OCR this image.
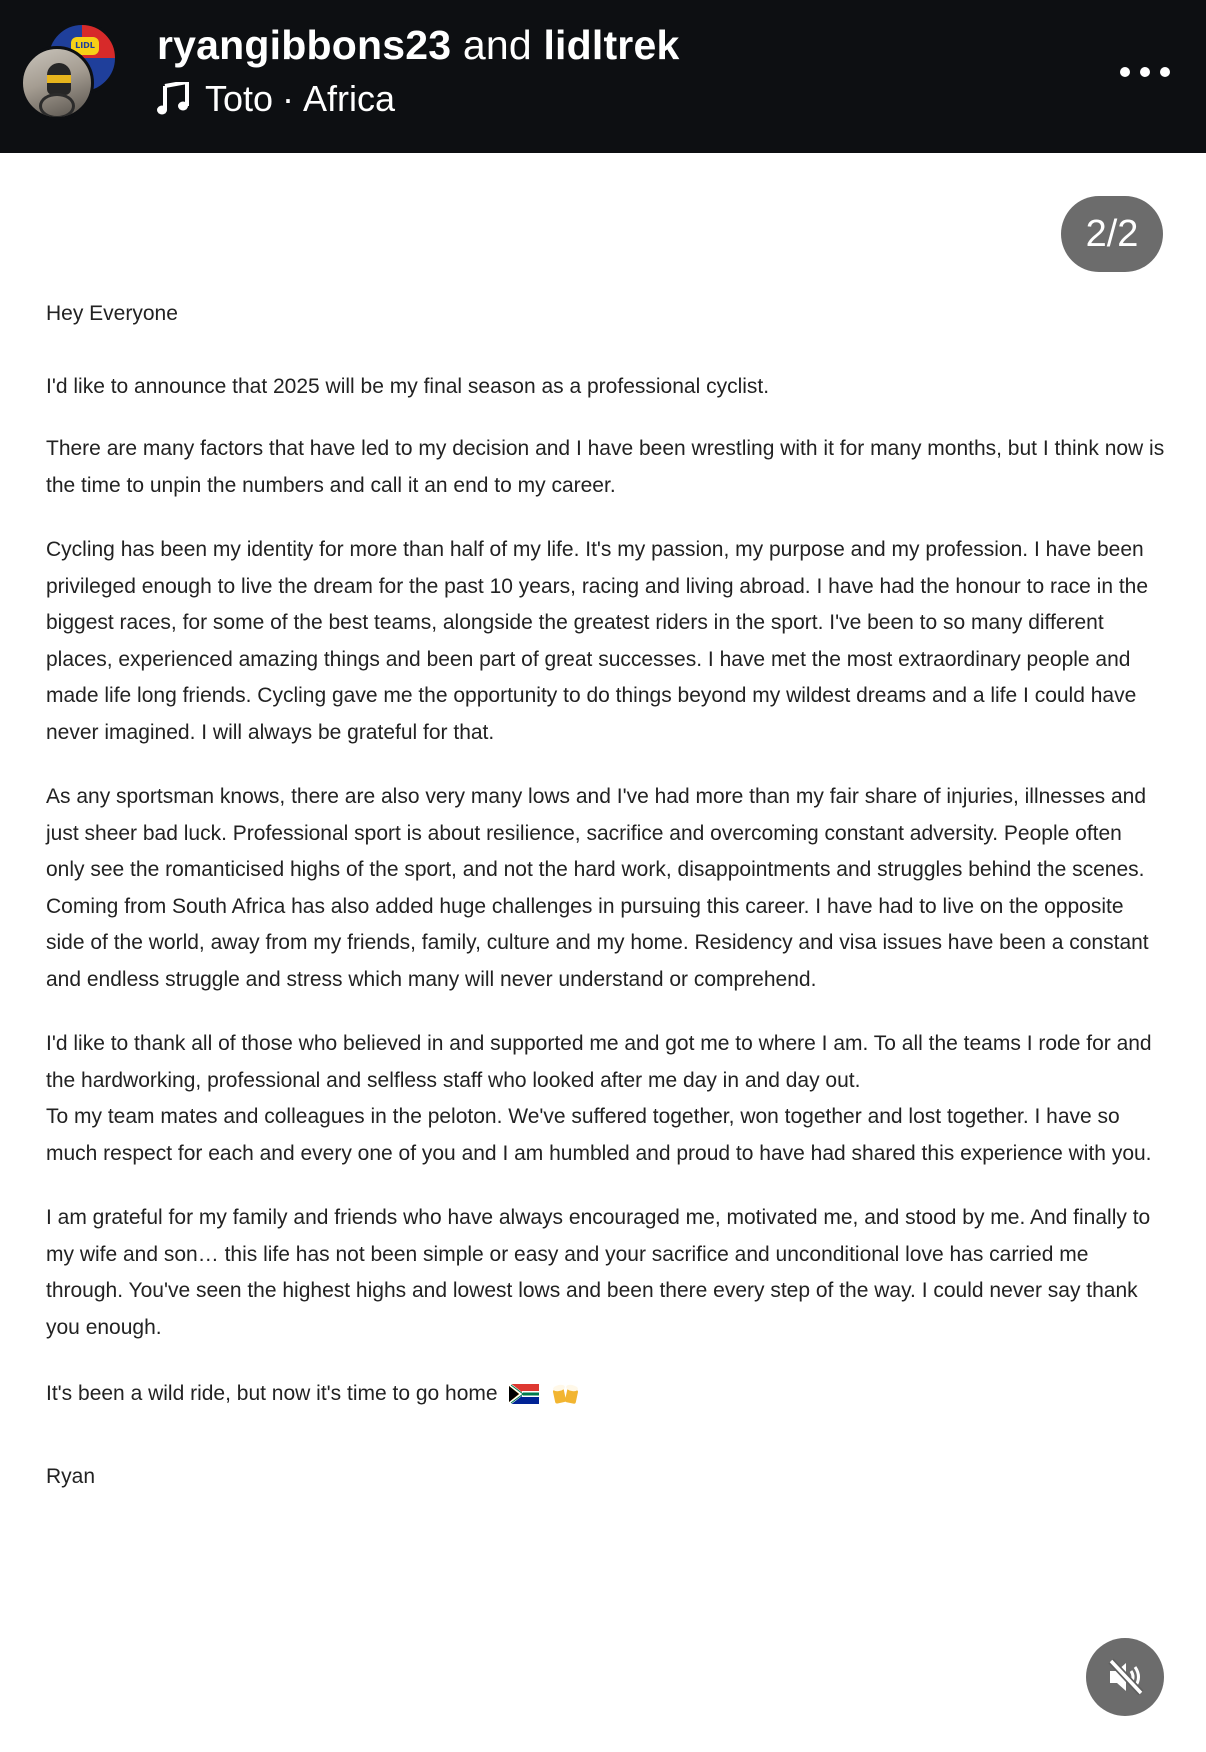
LIDL ryangibbons23 and lidltrek
Toto · Africa
2/2

Hey Everyone

I'd like to announce that 2025 will be my final season as a professional cyclist.

There are many factors that have led to my decision and I have been wrestling with it for many months, but I think now is the time to unpin the numbers and call it an end to my career.

Cycling has been my identity for more than half of my life. It's my passion, my purpose and my profession. I have been privileged enough to live the dream for the past 10 years, racing and living abroad. I have had the honour to race in the biggest races, for some of the best teams, alongside the greatest riders in the sport. I've been to so many different places, experienced amazing things and been part of great successes. I have met the most extraordinary people and made life long friends. Cycling gave me the opportunity to do things beyond my wildest dreams and a life I could have never imagined. I will always be grateful for that.

As any sportsman knows, there are also very many lows and I've had more than my fair share of injuries, illnesses and just sheer bad luck. Professional sport is about resilience, sacrifice and overcoming constant adversity. People often only see the romanticised highs of the sport, and not the hard work, disappointments and struggles behind the scenes. Coming from South Africa has also added huge challenges in pursuing this career. I have had to live on the opposite side of the world, away from my friends, family, culture and my home. Residency and visa issues have been a constant and endless struggle and stress which many will never understand or comprehend.

I'd like to thank all of those who believed in and supported me and got me to where I am. To all the teams I rode for and the hardworking, professional and selfless staff who looked after me day in and day out.

To my team mates and colleagues in the peloton. We've suffered together, won together and lost together. I have so much respect for each and every one of you and I am humbled and proud to have had shared this experience with you.

I am grateful for my family and friends who have always encouraged me, motivated me, and stood by me. And finally to my wife and son… this life has not been simple or easy and your sacrifice and unconditional love has carried me through. You've seen the highest highs and lowest lows and been there every step of the way. I could never say thank you enough.

It's been a wild ride, but now it's time to go home

Ryan
